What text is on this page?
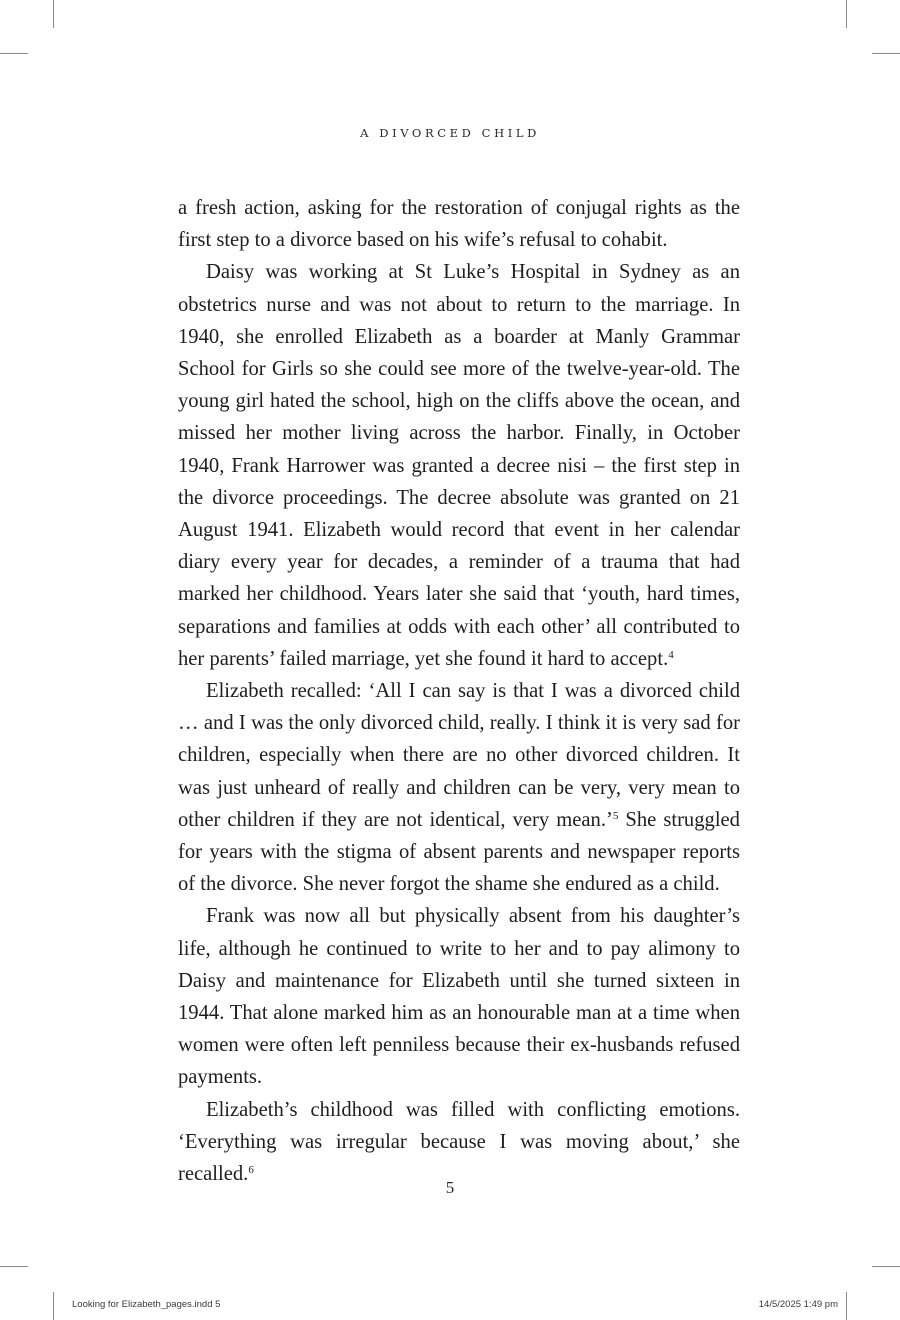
A DIVORCED CHILD

a fresh action, asking for the restoration of conjugal rights as the first step to a divorce based on his wife’s refusal to cohabit.

Daisy was working at St Luke’s Hospital in Sydney as an obstetrics nurse and was not about to return to the marriage. In 1940, she enrolled Elizabeth as a boarder at Manly Grammar School for Girls so she could see more of the twelve-year-old. The young girl hated the school, high on the cliffs above the ocean, and missed her mother living across the harbor. Finally, in October 1940, Frank Harrower was granted a decree nisi – the first step in the divorce proceedings. The decree absolute was granted on 21 August 1941. Elizabeth would record that event in her calendar diary every year for decades, a reminder of a trauma that had marked her childhood. Years later she said that ‘youth, hard times, separations and families at odds with each other’ all contributed to her parents’ failed marriage, yet she found it hard to accept.$^4$

Elizabeth recalled: ‘All I can say is that I was a divorced child … and I was the only divorced child, really. I think it is very sad for children, especially when there are no other divorced children. It was just unheard of really and children can be very, very mean to other children if they are not identical, very mean.’$^5$ She struggled for years with the stigma of absent parents and newspaper reports of the divorce. She never forgot the shame she endured as a child.

Frank was now all but physically absent from his daughter’s life, although he continued to write to her and to pay alimony to Daisy and maintenance for Elizabeth until she turned sixteen in 1944. That alone marked him as an honourable man at a time when women were often left penniless because their ex-husbands refused payments.

Elizabeth’s childhood was filled with conflicting emotions. ‘Everything was irregular because I was moving about,’ she recalled.$^6$

5
Looking for Elizabeth_pages.indd 5	14/5/2025 1:49 pm
